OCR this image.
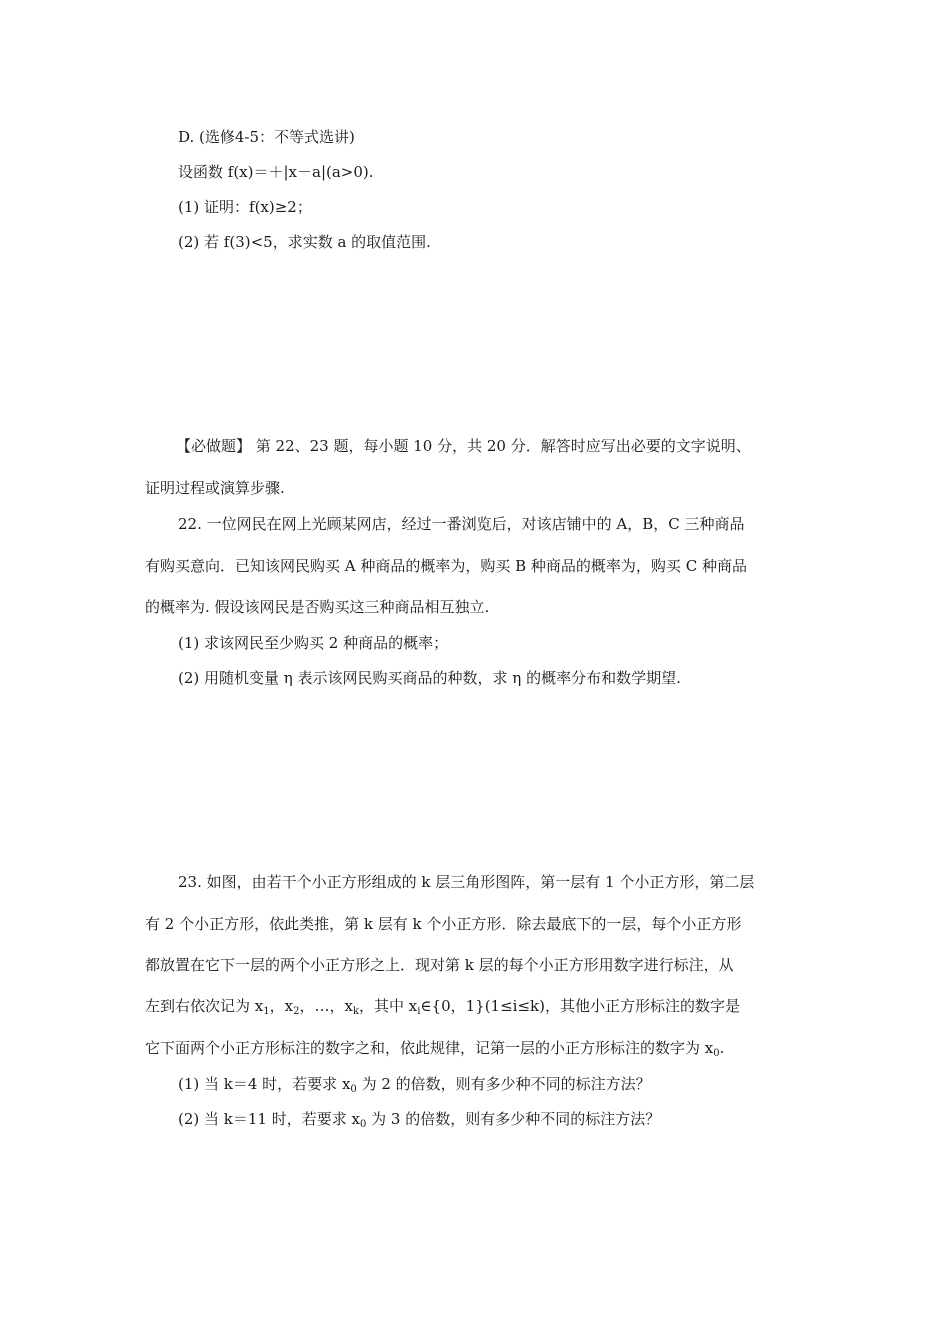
D. (选修4-5：不等式选讲)
设函数 f(x)＝＋|x－a|(a>0).
(1) 证明：f(x)≥2；
(2) 若 f(3)<5，求实数 a 的取值范围.
【必做题】 第 22、23 题，每小题 10 分，共 20 分．解答时应写出必要的文字说明、
证明过程或演算步骤.
22. 一位网民在网上光顾某网店，经过一番浏览后，对该店铺中的 A，B，C 三种商品
有购买意向．已知该网民购买 A 种商品的概率为，购买 B 种商品的概率为，购买 C 种商品
的概率为. 假设该网民是否购买这三种商品相互独立.
(1) 求该网民至少购买 2 种商品的概率；
(2) 用随机变量 η 表示该网民购买商品的种数，求 η 的概率分布和数学期望.
23. 如图，由若干个小正方形组成的 k 层三角形图阵，第一层有 1 个小正方形，第二层
有 2 个小正方形，依此类推，第 k 层有 k 个小正方形．除去最底下的一层，每个小正方形
都放置在它下一层的两个小正方形之上．现对第 k 层的每个小正方形用数字进行标注，从
左到右依次记为 $x_1$，$x_2$，…，$x_k$，其中 $x_i\in\{0$，1}(1≤i≤k)，其他小正方形标注的数字是
它下面两个小正方形标注的数字之和，依此规律，记第一层的小正方形标注的数字为 $x_0$.
(1) 当 k＝4 时，若要求 $x_0$ 为 2 的倍数，则有多少种不同的标注方法？
(2) 当 k＝11 时，若要求 $x_0$ 为 3 的倍数，则有多少种不同的标注方法？
